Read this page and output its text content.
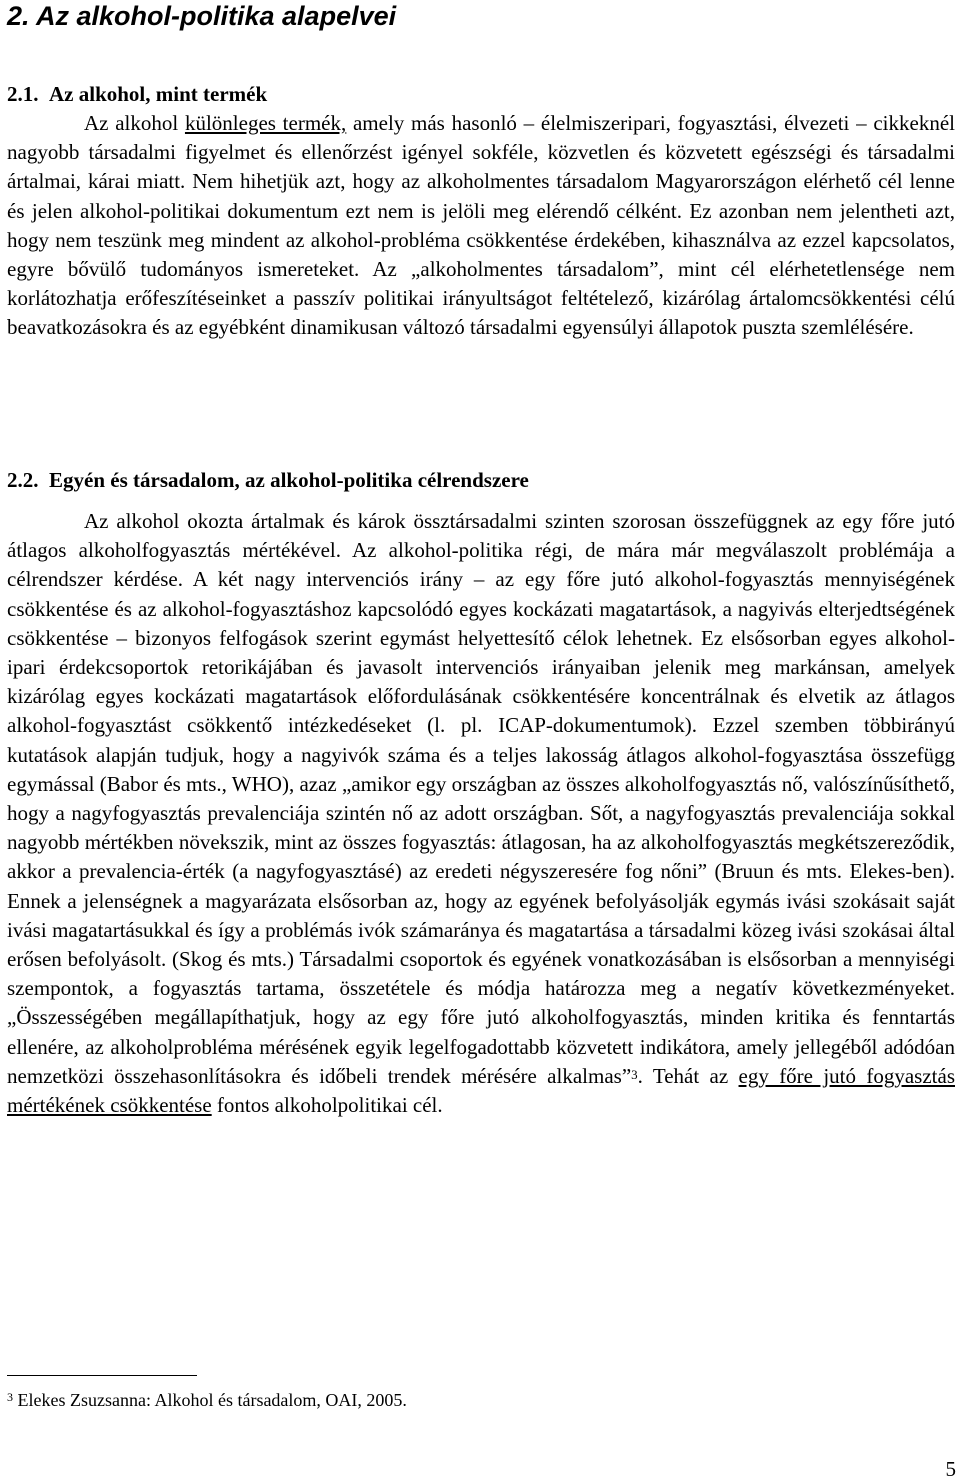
2. Az alkohol-politika alapelvei
2.1. Az alkohol, mint termék

Az alkohol különleges termék, amely más hasonló – élelmiszeripari, fogyasztási, élvezeti – cikkeknél nagyobb társadalmi figyelmet és ellenőrzést igényel sokféle, közvetlen és közvetett egészségi és társadalmi ártalmai, kárai miatt. Nem hihetjük azt, hogy az alkoholmentes társadalom Magyarországon elérhető cél lenne és jelen alkohol-politikai dokumentum ezt nem is jelöli meg elérendő célként. Ez azonban nem jelentheti azt, hogy nem teszünk meg mindent az alkohol-probléma csökkentése érdekében, kihasználva az ezzel kapcsolatos, egyre bővülő tudományos ismereteket. Az „alkoholmentes társadalom”, mint cél elérhetetlensége nem korlátozhatja erőfeszítéseinket a passzív politikai irányultságot feltételező, kizárólag ártalomcsökkentési célú beavatkozásokra és az egyébként dinamikusan változó társadalmi egyensúlyi állapotok puszta szemlélésére.

2.2. Egyén és társadalom, az alkohol-politika célrendszere

Az alkohol okozta ártalmak és károk össztársadalmi szinten szorosan összefüggnek az egy főre jutó átlagos alkoholfogyasztás mértékével. Az alkohol-politika régi, de mára már megválaszolt problémája a célrendszer kérdése. A két nagy intervenciós irány – az egy főre jutó alkohol-fogyasztás mennyiségének csökkentése és az alkohol-fogyasztáshoz kapcsolódó egyes kockázati magatartások, a nagyivás elterjedtségének csökkentése – bizonyos felfogások szerint egymást helyettesítő célok lehetnek. Ez elsősorban egyes alkohol-ipari érdekcsoportok retorikájában és javasolt intervenciós irányaiban jelenik meg markánsan, amelyek kizárólag egyes kockázati magatartások előfordulásának csökkentésére koncentrálnak és elvetik az átlagos alkohol-fogyasztást csökkentő intézkedéseket (l. pl. ICAP-dokumentumok). Ezzel szemben többirányú kutatások alapján tudjuk, hogy a nagyivók száma és a teljes lakosság átlagos alkohol-fogyasztása összefügg egymással (Babor és mts., WHO), azaz „amikor egy országban az összes alkoholfogyasztás nő, valószínűsíthető, hogy a nagyfogyasztás prevalenciája szintén nő az adott országban. Sőt, a nagyfogyasztás prevalenciája sokkal nagyobb mértékben növekszik, mint az összes fogyasztás: átlagosan, ha az alkoholfogyasztás megkétszereződik, akkor a prevalencia-érték (a nagyfogyasztásé) az eredeti négyszeresére fog nőni” (Bruun és mts. Elekes-ben). Ennek a jelenségnek a magyarázata elsősorban az, hogy az egyének befolyásolják egymás ivási szokásait saját ivási magatartásukkal és így a problémás ivók számaránya és magatartása a társadalmi közeg ivási szokásai által erősen befolyásolt. (Skog és mts.) Társadalmi csoportok és egyének vonatkozásában is elsősorban a mennyiségi szempontok, a fogyasztás tartama, összetétele és módja határozza meg a negatív következményeket. „Összességében megállapíthatjuk, hogy az egy főre jutó alkoholfogyasztás, minden kritika és fenntartás ellenére, az alkoholprobléma mérésének egyik legelfogadottabb közvetett indikátora, amely jellegéből adódóan nemzetközi összehasonlításokra és időbeli trendek mérésére alkalmas”$^3$. Tehát az egy főre jutó fogyasztás mértékének csökkentése fontos alkoholpolitikai cél.

$^3$ Elekes Zsuzsanna: Alkohol és társadalom, OAI, 2005.

5
